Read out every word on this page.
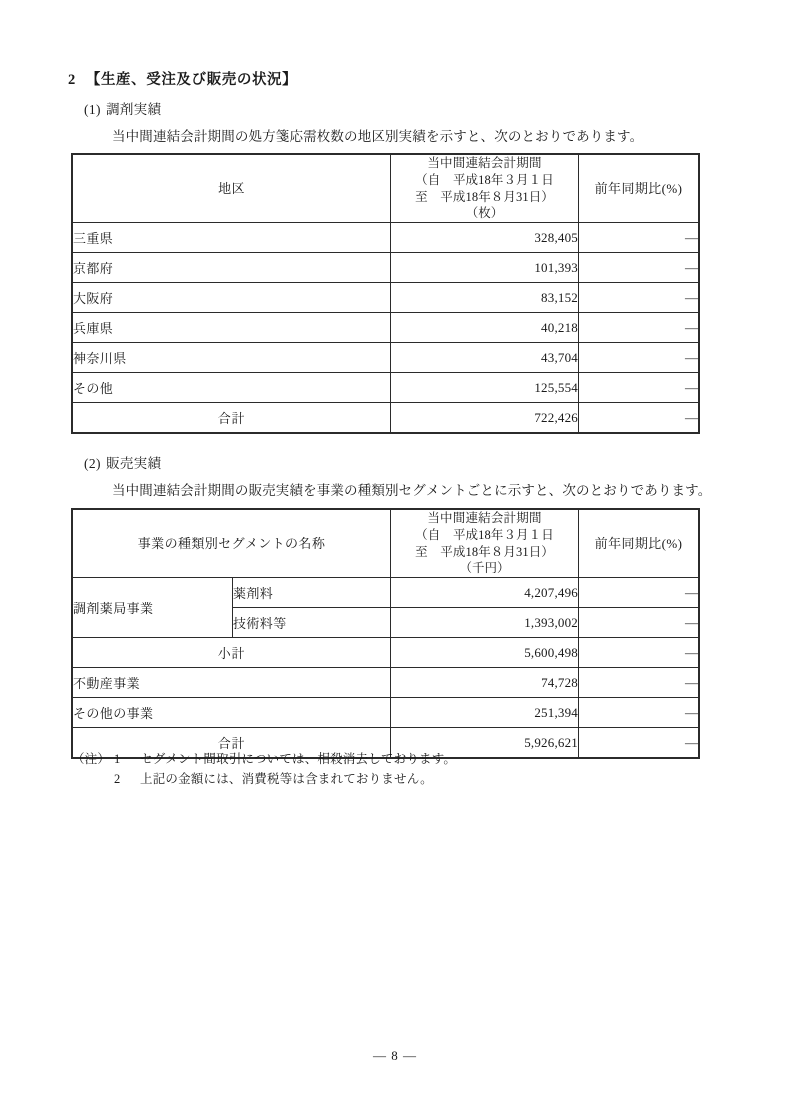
2 【生産、受注及び販売の状況】
(1) 調剤実績
当中間連結会計期間の処方箋応需枚数の地区別実績を示すと、次のとおりであります。
地区	当中間連結会計期間
（自　平成18年３月１日
至　平成18年８月31日）
（枚）	前年同期比(%)
三重県	328,405	—
京都府	101,393	—
大阪府	83,152	—
兵庫県	40,218	—
神奈川県	43,704	—
その他	125,554	—
合計	722,426	—
(2) 販売実績
当中間連結会計期間の販売実績を事業の種類別セグメントごとに示すと、次のとおりであります。
事業の種類別セグメントの名称		当中間連結会計期間
（自　平成18年３月１日
至　平成18年８月31日）
（千円）	前年同期比(%)
調剤薬局事業	薬剤料	4,207,496	—
	技術料等	1,393,002	—
小計		5,600,498	—
不動産事業		74,728	—
その他の事業		251,394	—
合計		5,926,621	—
（注） 1 セグメント間取引については、相殺消去しております。
2 上記の金額には、消費税等は含まれておりません。
— 8 —
